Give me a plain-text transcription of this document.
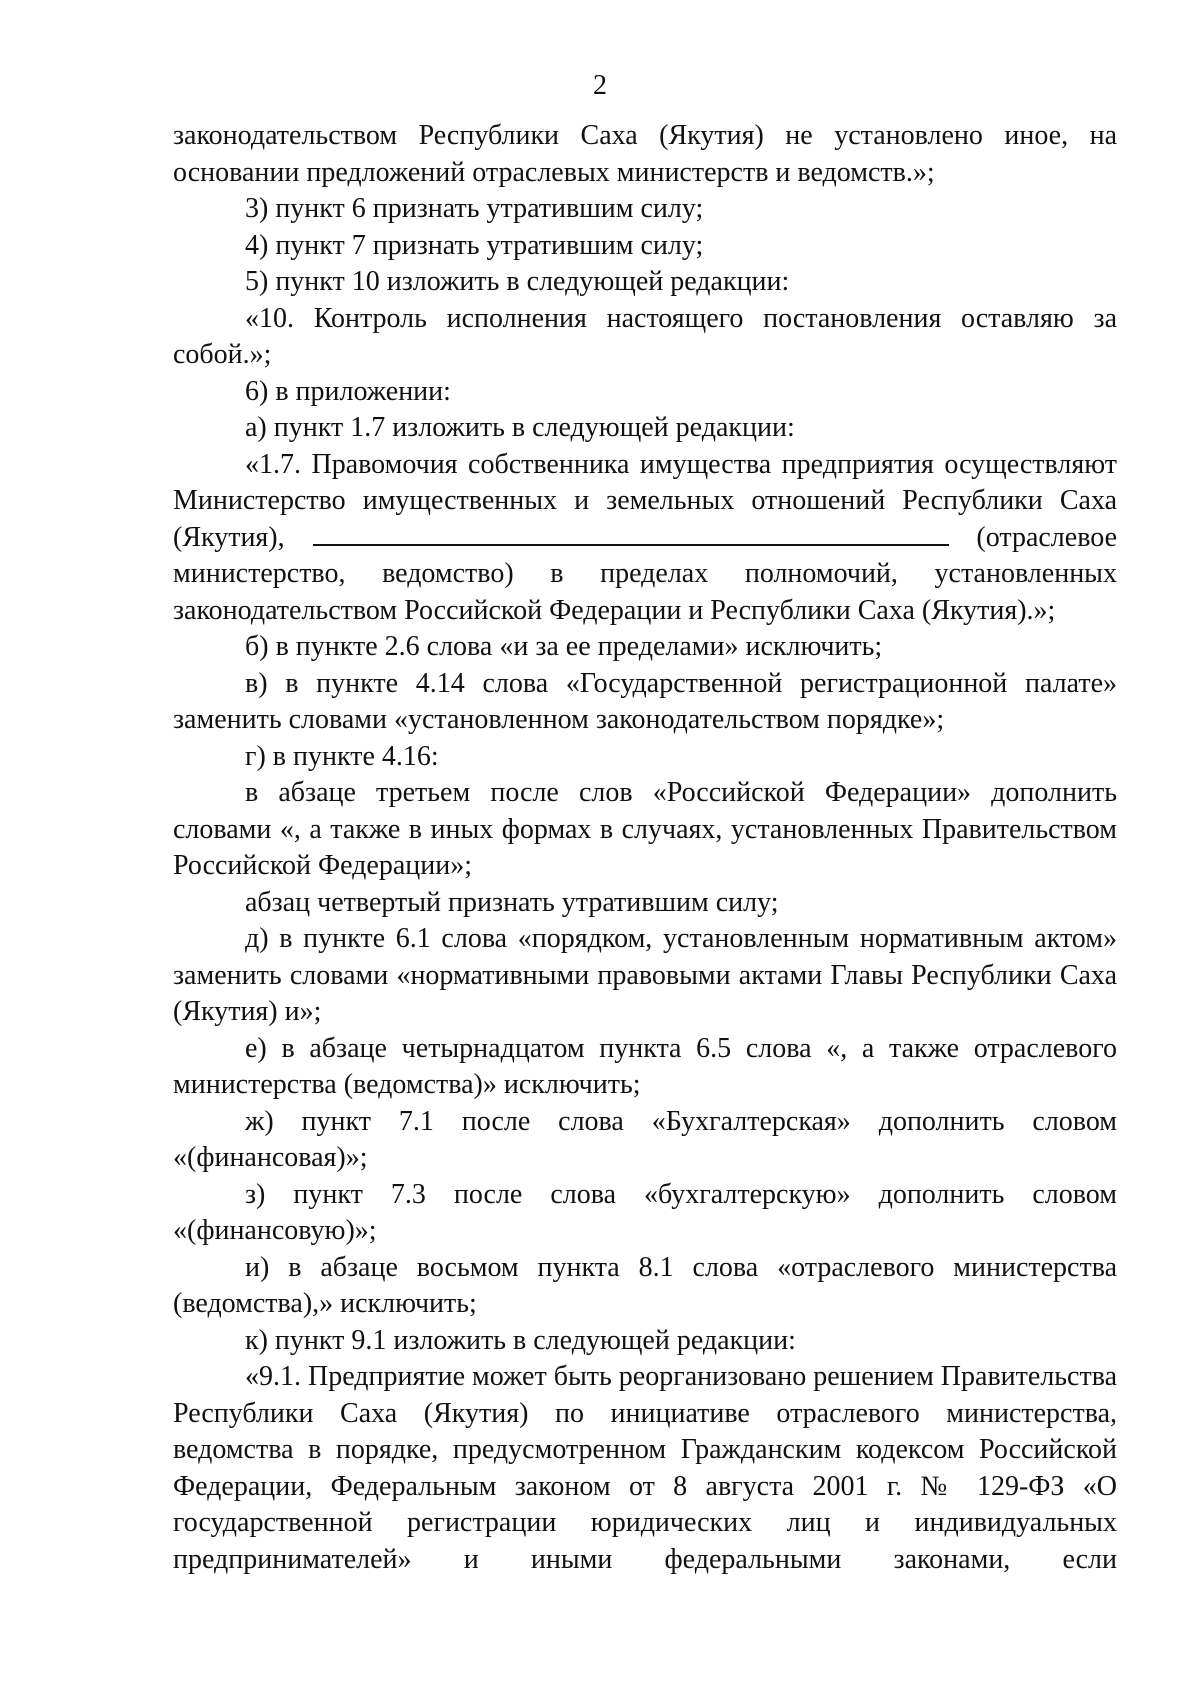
2

законодательством Республики Саха (Якутия) не установлено иное, на основании предложений отраслевых министерств и ведомств.»;

3) пункт 6 признать утратившим силу;

4) пункт 7 признать утратившим силу;

5) пункт 10 изложить в следующей редакции:

«10. Контроль исполнения настоящего постановления оставляю за собой.»;

6) в приложении:

а) пункт 1.7 изложить в следующей редакции:

«1.7. Правомочия собственника имущества предприятия осуществляют Министерство имущественных и земельных отношений Республики Саха (Якутия),	(отраслевое министерство, ведомство) в пределах полномочий, установленных законодательством Российской Федерации и Республики Саха (Якутия).»;

б) в пункте 2.6 слова «и за ее пределами» исключить;

в) в пункте 4.14 слова «Государственной регистрационной палате» заменить словами «установленном законодательством порядке»;

г) в пункте 4.16:

в абзаце третьем после слов «Российской Федерации» дополнить словами «, а также в иных формах в случаях, установленных Правительством Российской Федерации»;

абзац четвертый признать утратившим силу;

д) в пункте 6.1 слова «порядком, установленным нормативным актом» заменить словами «нормативными правовыми актами Главы Республики Саха (Якутия) и»;

е) в абзаце четырнадцатом пункта 6.5 слова «, а также отраслевого министерства (ведомства)» исключить;

ж) пункт 7.1 после слова «Бухгалтерская» дополнить словом «(финансовая)»;

з) пункт 7.3 после слова «бухгалтерскую» дополнить словом «(финансовую)»;

и) в абзаце восьмом пункта 8.1 слова «отраслевого министерства (ведомства),» исключить;

к) пункт 9.1 изложить в следующей редакции:

«9.1. Предприятие может быть реорганизовано решением Правительства Республики Саха (Якутия) по инициативе отраслевого министерства, ведомства в порядке, предусмотренном Гражданским кодексом Российской Федерации, Федеральным законом от 8 августа 2001 г. № 129-ФЗ «О государственной регистрации юридических лиц и индивидуальных предпринимателей» и иными федеральными законами, если
